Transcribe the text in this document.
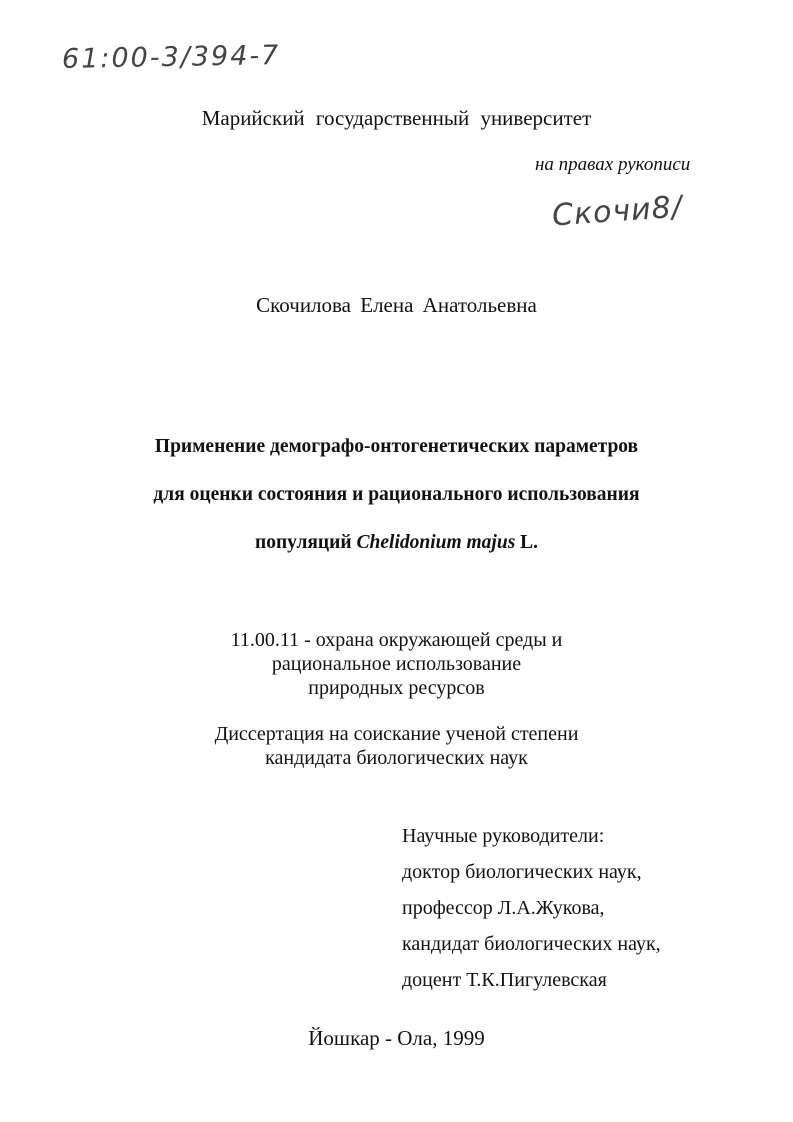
61:00-3/394-7
Марийский государственный университет
на правах рукописи
Скочи8/
Скочилова Елена Анатольевна
Применение демографо-онтогенетических параметров
для оценки состояния и рационального использования
популяций Chelidonium majus L.
11.00.11 - охрана окружающей среды и
рациональное использование
природных ресурсов
Диссертация на соискание ученой степени
кандидата биологических наук
Научные руководители:
доктор биологических наук,
профессор Л.А.Жукова,
кандидат биологических наук,
доцент Т.К.Пигулевская
Йошкар - Ола, 1999
